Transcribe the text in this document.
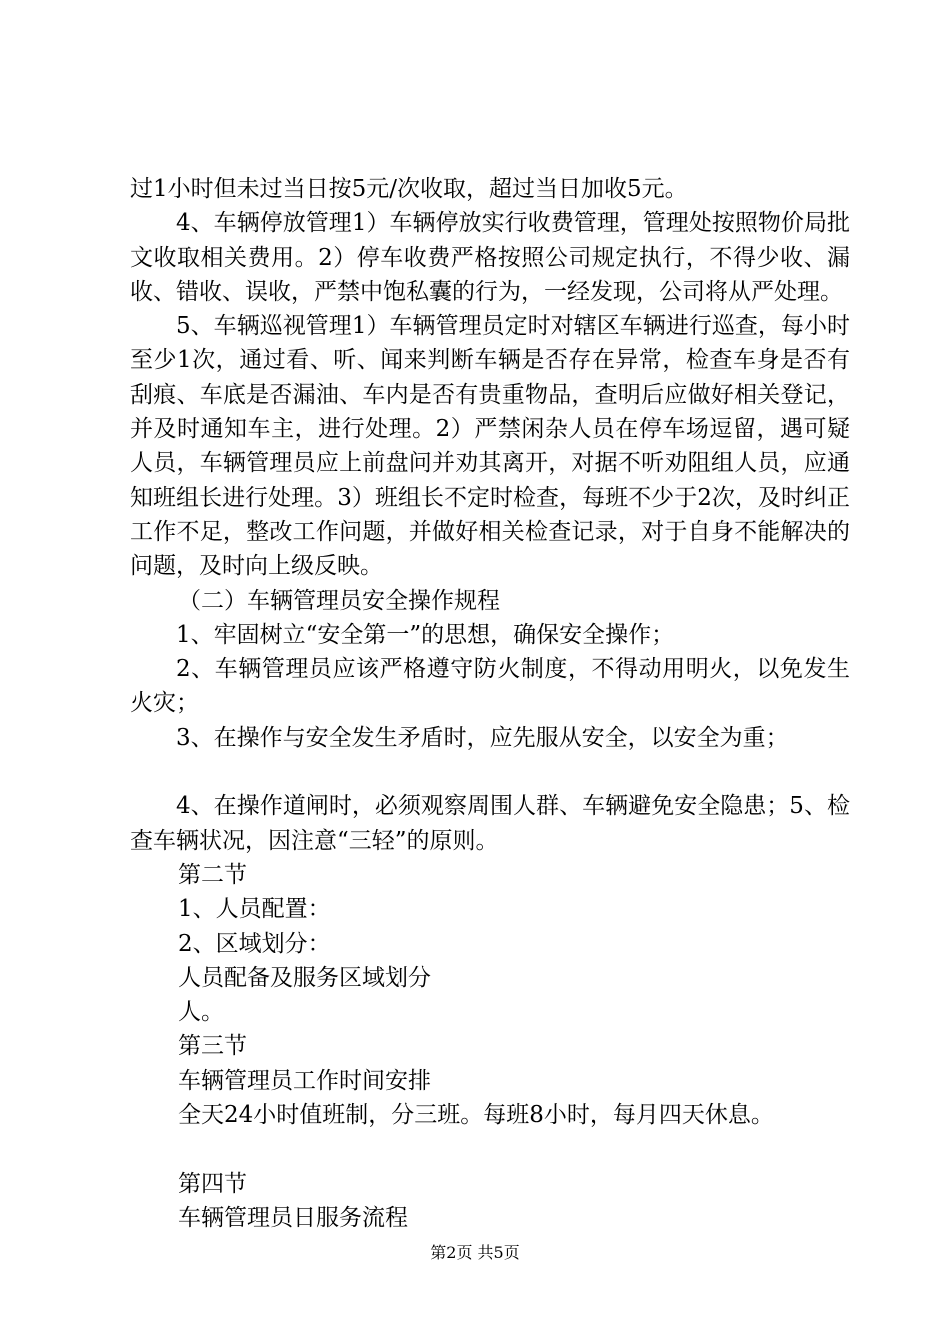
过1小时但未过当日按5元/次收取，超过当日加收5元。

4、车辆停放管理1）车辆停放实行收费管理，管理处按照物价局批文收取相关费用。2）停车收费严格按照公司规定执行，不得少收、漏收、错收、误收，严禁中饱私囊的行为，一经发现，公司将从严处理。

5、车辆巡视管理1）车辆管理员定时对辖区车辆进行巡查，每小时至少1次，通过看、听、闻来判断车辆是否存在异常，检查车身是否有刮痕、车底是否漏油、车内是否有贵重物品，查明后应做好相关登记，并及时通知车主，进行处理。2）严禁闲杂人员在停车场逗留，遇可疑人员，车辆管理员应上前盘问并劝其离开，对据不听劝阻组人员，应通知班组长进行处理。3）班组长不定时检查，每班不少于2次，及时纠正工作不足，整改工作问题，并做好相关检查记录，对于自身不能解决的问题，及时向上级反映。

（二）车辆管理员安全操作规程

1、牢固树立“安全第一”的思想，确保安全操作；

2、车辆管理员应该严格遵守防火制度，不得动用明火，以免发生火灾；

3、在操作与安全发生矛盾时，应先服从安全，以安全为重；

4、在操作道闸时，必须观察周围人群、车辆避免安全隐患；5、检查车辆状况，因注意“三轻”的原则。

第二节

1、人员配置：

2、区域划分：

人员配备及服务区域划分

人。

第三节

车辆管理员工作时间安排

全天24小时值班制，分三班。每班8小时，每月四天休息。

第四节

车辆管理员日服务流程

第2页 共5页
